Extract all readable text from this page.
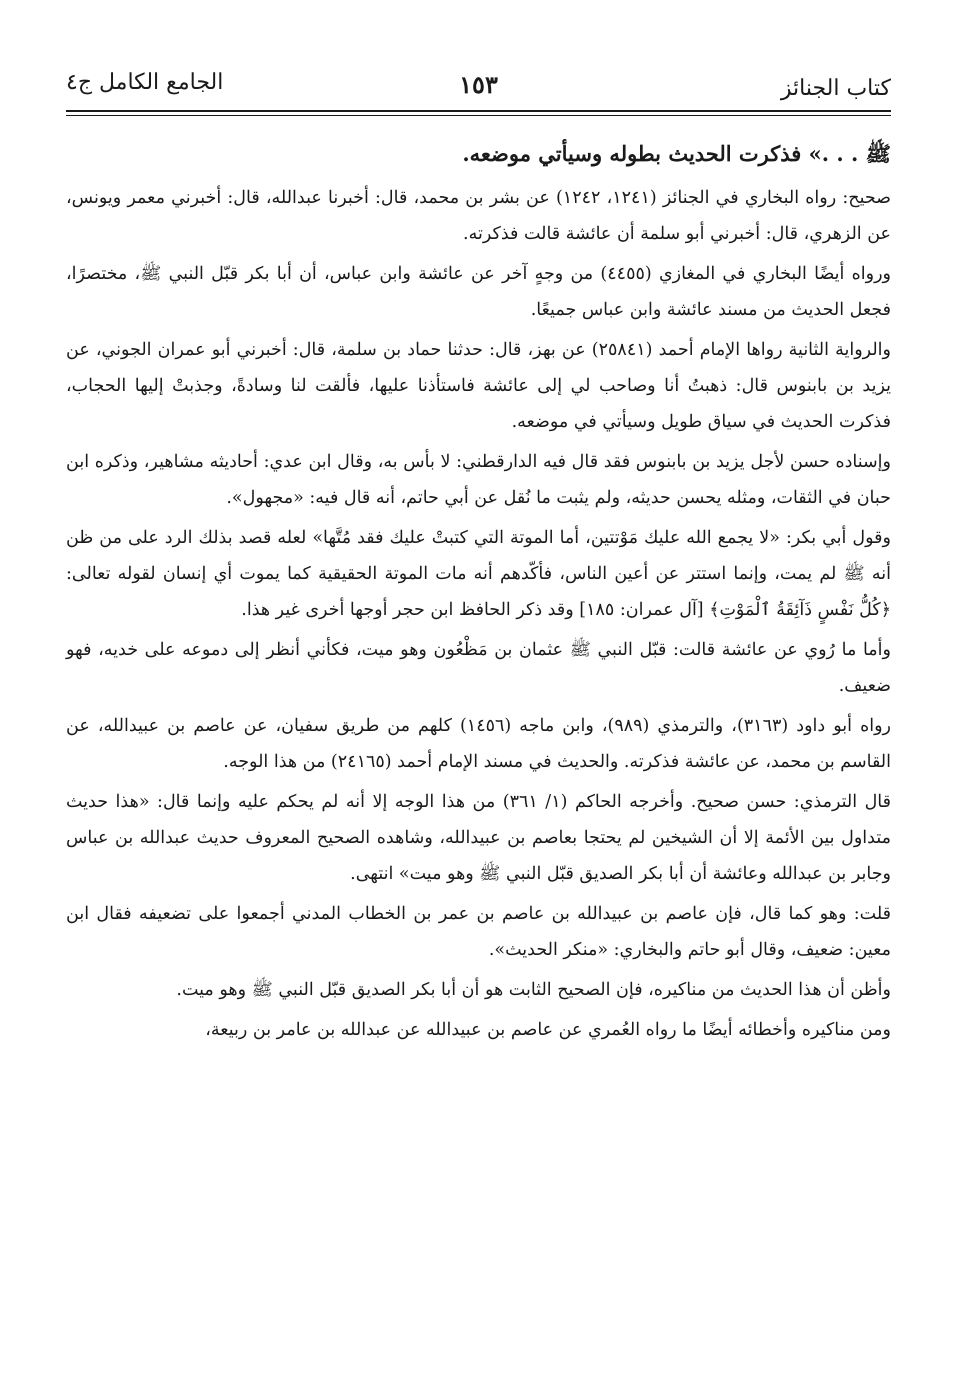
كتاب الجنائز
١٥٣
الجامع الكامل ج٤

ﷺ . . .» فذكرت الحديث بطوله وسيأتي موضعه.

صحيح: رواه البخاري في الجنائز (١٢٤١، ١٢٤٢) عن بشر بن محمد، قال: أخبرنا عبدالله، قال: أخبرني معمر ويونس، عن الزهري، قال: أخبرني أبو سلمة أن عائشة قالت فذكرته.

ورواه أيضًا البخاري في المغازي (٤٤٥٥) من وجهٍ آخر عن عائشة وابن عباس، أن أبا بكر قبّل النبي ﷺ، مختصرًا، فجعل الحديث من مسند عائشة وابن عباس جميعًا.

والرواية الثانية رواها الإمام أحمد (٢٥٨٤١) عن بهز، قال: حدثنا حماد بن سلمة، قال: أخبرني أبو عمران الجوني، عن يزيد بن بابنوس قال: ذهبتُ أنا وصاحب لي إلى عائشة فاستأذنا عليها، فألقت لنا وسادةً، وجذبتْ إليها الحجاب، فذكرت الحديث في سياق طويل وسيأتي في موضعه.

وإسناده حسن لأجل يزيد بن بابنوس فقد قال فيه الدارقطني: لا بأس به، وقال ابن عدي: أحاديثه مشاهير، وذكره ابن حبان في الثقات، ومثله يحسن حديثه، ولم يثبت ما نُقل عن أبي حاتم، أنه قال فيه: «مجهول».

وقول أبي بكر: «لا يجمع الله عليك مَوْتتين، أما الموتة التي كتبتْ عليك فقد مُتَّها» لعله قصد بذلك الرد على من ظن أنه ﷺ لم يمت، وإنما استتر عن أعين الناس، فأكّدهم أنه مات الموتة الحقيقية كما يموت أي إنسان لقوله تعالى: ﴿كُلُّ نَفْسٍ ذَآئِقَةُ ٱلْمَوْتِ﴾ [آل عمران: ١٨٥] وقد ذكر الحافظ ابن حجر أوجها أخرى غير هذا.

وأما ما رُوي عن عائشة قالت: قبّل النبي ﷺ عثمان بن مَظْعُون وهو ميت، فكأني أنظر إلى دموعه على خديه، فهو ضعيف.

رواه أبو داود (٣١٦٣)، والترمذي (٩٨٩)، وابن ماجه (١٤٥٦) كلهم من طريق سفيان، عن عاصم بن عبيدالله، عن القاسم بن محمد، عن عائشة فذكرته. والحديث في مسند الإمام أحمد (٢٤١٦٥) من هذا الوجه.

قال الترمذي: حسن صحيح. وأخرجه الحاكم (١/ ٣٦١) من هذا الوجه إلا أنه لم يحكم عليه وإنما قال: «هذا حديث متداول بين الأئمة إلا أن الشيخين لم يحتجا بعاصم بن عبيدالله، وشاهده الصحيح المعروف حديث عبدالله بن عباس وجابر بن عبدالله وعائشة أن أبا بكر الصديق قبّل النبي ﷺ وهو ميت» انتهى.

قلت: وهو كما قال، فإن عاصم بن عبيدالله بن عاصم بن عمر بن الخطاب المدني أجمعوا على تضعيفه فقال ابن معين: ضعيف، وقال أبو حاتم والبخاري: «منكر الحديث».

وأظن أن هذا الحديث من مناكيره، فإن الصحيح الثابت هو أن أبا بكر الصديق قبّل النبي ﷺ وهو ميت.

ومن مناكيره وأخطائه أيضًا ما رواه العُمري عن عاصم بن عبيدالله عن عبدالله بن عامر بن ربيعة،
